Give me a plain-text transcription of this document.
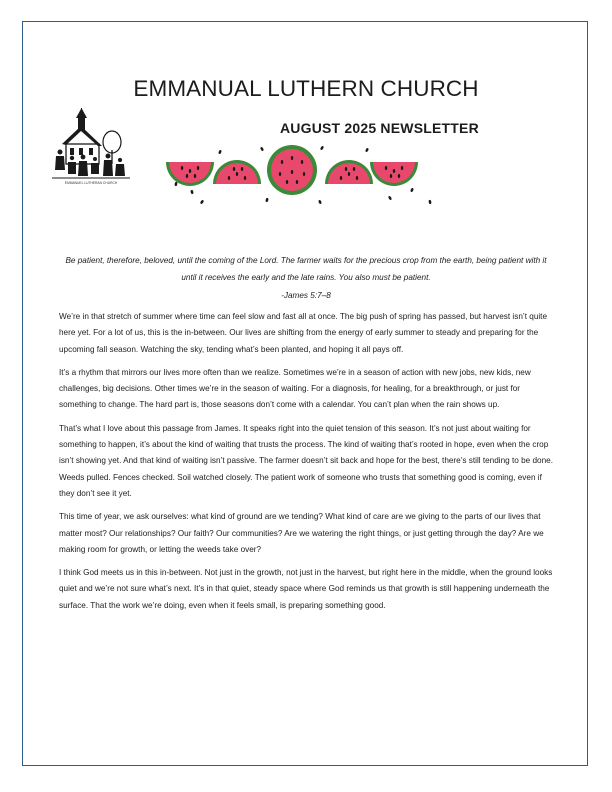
EMMANUAL LUTHERN CHURCH
AUGUST 2025 NEWSLETTER
EMMANUEL LUTHERAN CHURCH
Be patient, therefore, beloved, until the coming of the Lord. The farmer waits for the precious crop from the earth, being patient with it until it receives the early and the late rains. You also must be patient.
-James 5:7–8

We’re in that stretch of summer where time can feel slow and fast all at once. The big push of spring has passed, but harvest isn’t quite here yet. For a lot of us, this is the in-between. Our lives are shifting from the energy of early summer to steady and preparing for the upcoming fall season. Watching the sky, tending what’s been planted, and hoping it all pays off.

It’s a rhythm that mirrors our lives more often than we realize. Sometimes we’re in a season of action with new jobs, new kids, new challenges, big decisions. Other times we’re in the season of waiting. For a diagnosis, for healing, for a breakthrough, or just for something to change. The hard part is, those seasons don’t come with a calendar. You can’t plan when the rain shows up.

That’s what I love about this passage from James. It speaks right into the quiet tension of this season. It’s not just about waiting for something to happen, it’s about the kind of waiting that trusts the process. The kind of waiting that’s rooted in hope, even when the crop isn’t showing yet. And that kind of waiting isn’t passive. The farmer doesn’t sit back and hope for the best, there’s still tending to be done. Weeds pulled. Fences checked. Soil watched closely. The patient work of someone who trusts that something good is coming, even if they don’t see it yet.

This time of year, we ask ourselves: what kind of ground are we tending? What kind of care are we giving to the parts of our lives that matter most? Our relationships? Our faith? Our communities? Are we watering the right things, or just getting through the day? Are we making room for growth, or letting the weeds take over?

I think God meets us in this in-between. Not just in the growth, not just in the harvest, but right here in the middle, when the ground looks quiet and we’re not sure what’s next. It’s in that quiet, steady space where God reminds us that growth is still happening underneath the surface. That the work we’re doing, even when it feels small, is preparing something good.
